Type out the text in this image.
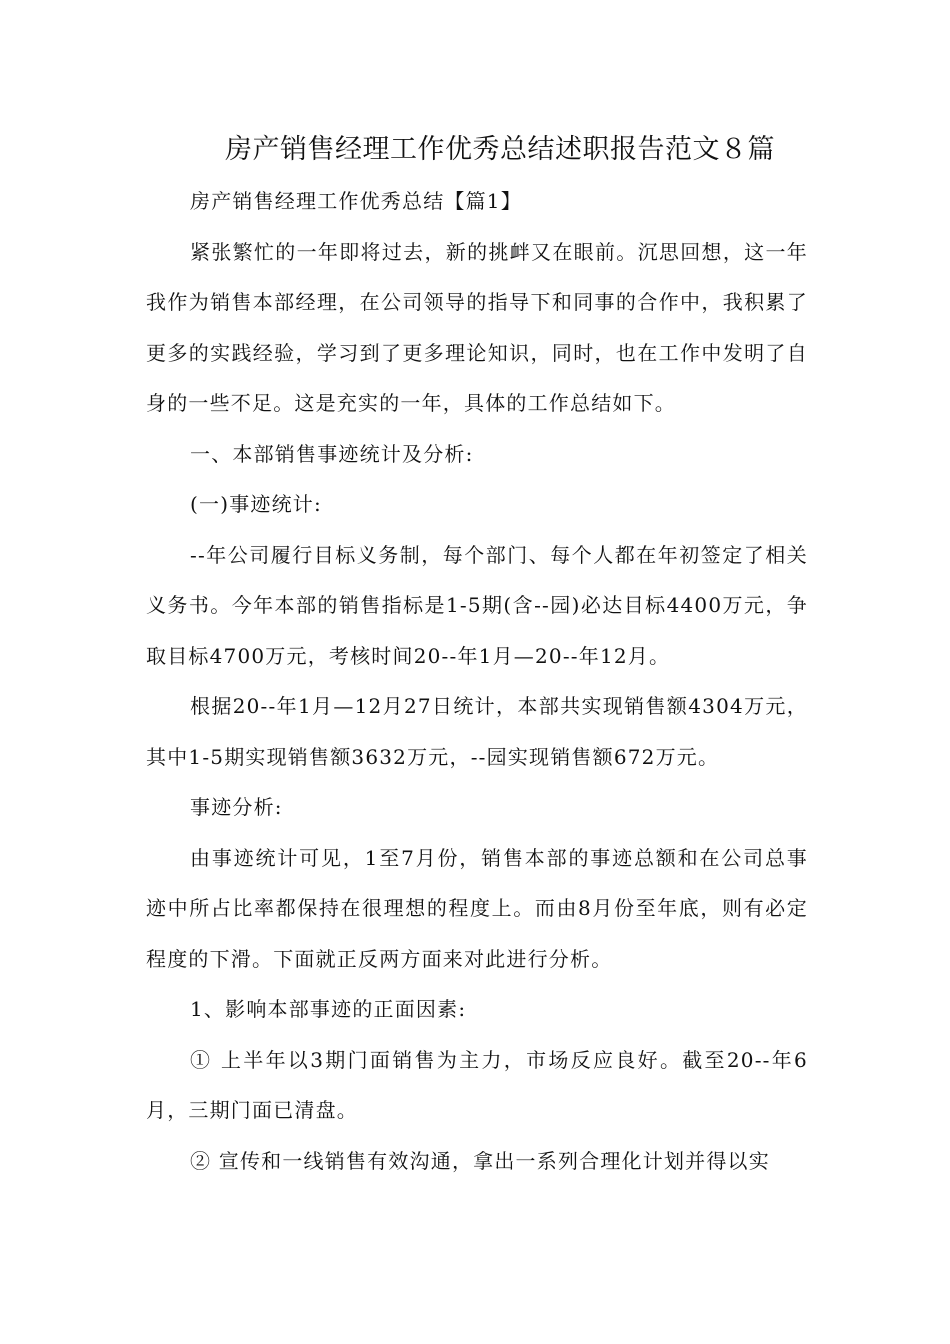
房产销售经理工作优秀总结述职报告范文８篇

房产销售经理工作优秀总结【篇1】

紧张繁忙的一年即将过去，新的挑衅又在眼前。沉思回想，这一年我作为销售本部经理，在公司领导的指导下和同事的合作中，我积累了更多的实践经验，学习到了更多理论知识，同时，也在工作中发明了自身的一些不足。这是充实的一年，具体的工作总结如下。

一、本部销售事迹统计及分析:

(一)事迹统计:

--年公司履行目标义务制，每个部门、每个人都在年初签定了相关义务书。今年本部的销售指标是1-5期(含--园)必达目标4400万元，争取目标4700万元，考核时间20--年1月—20--年12月。

根据20--年1月—12月27日统计，本部共实现销售额4304万元，其中1-5期实现销售额3632万元，--园实现销售额672万元。

事迹分析:

由事迹统计可见，1至7月份，销售本部的事迹总额和在公司总事迹中所占比率都保持在很理想的程度上。而由8月份至年底，则有必定程度的下滑。下面就正反两方面来对此进行分析。

1、影响本部事迹的正面因素:

① 上半年以3期门面销售为主力，市场反应良好。截至20--年6月，三期门面已清盘。

② 宣传和一线销售有效沟通，拿出一系列合理化计划并得以实
